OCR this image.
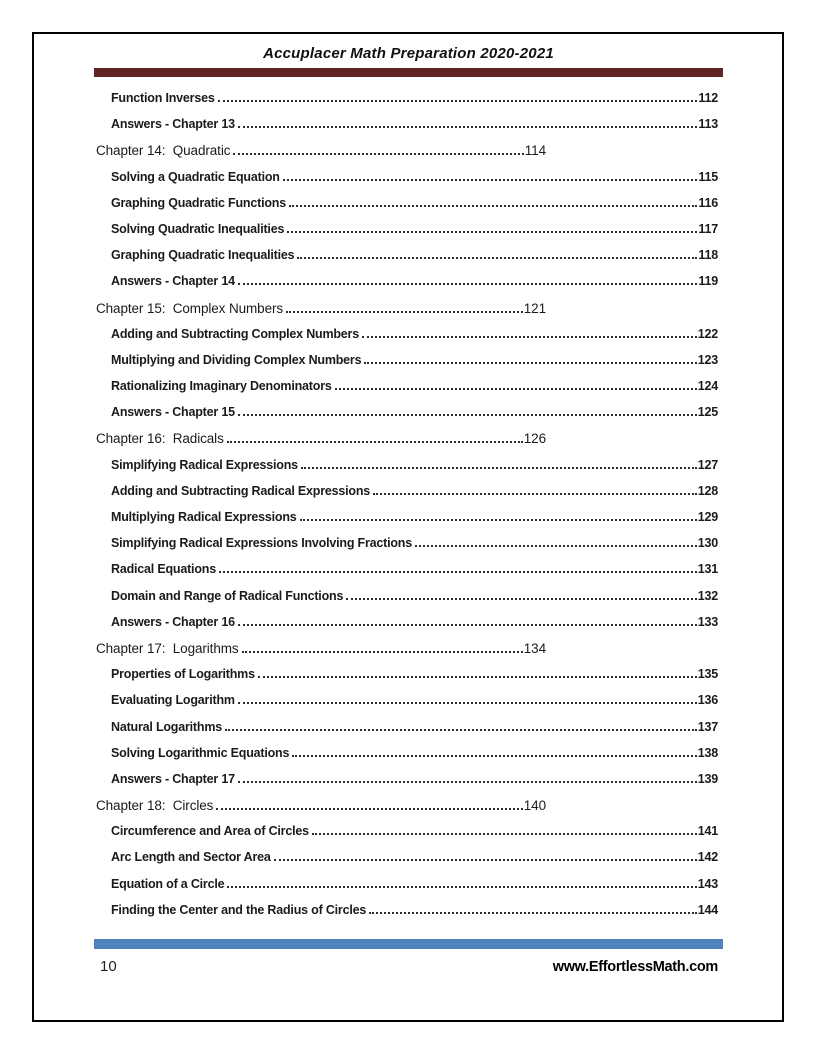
Accuplacer Math Preparation 2020-2021
Function Inverses	112
Answers - Chapter 13	113
Chapter 14:  Quadratic	114
Solving a Quadratic Equation	115
Graphing Quadratic Functions	116
Solving Quadratic Inequalities	117
Graphing Quadratic Inequalities	118
Answers - Chapter 14	119
Chapter 15:  Complex Numbers	121
Adding and Subtracting Complex Numbers	122
Multiplying and Dividing Complex Numbers	123
Rationalizing Imaginary Denominators	124
Answers - Chapter 15	125
Chapter 16:  Radicals	126
Simplifying Radical Expressions	127
Adding and Subtracting Radical Expressions	128
Multiplying Radical Expressions	129
Simplifying Radical Expressions Involving Fractions	130
Radical Equations	131
Domain and Range of Radical Functions	132
Answers - Chapter 16	133
Chapter 17:  Logarithms	134
Properties of Logarithms	135
Evaluating Logarithm	136
Natural Logarithms	137
Solving Logarithmic Equations	138
Answers - Chapter 17	139
Chapter 18:  Circles	140
Circumference and Area of Circles	141
Arc Length and Sector Area	142
Equation of a Circle	143
Finding the Center and the Radius of Circles	144
10	www.EffortlessMath.com
